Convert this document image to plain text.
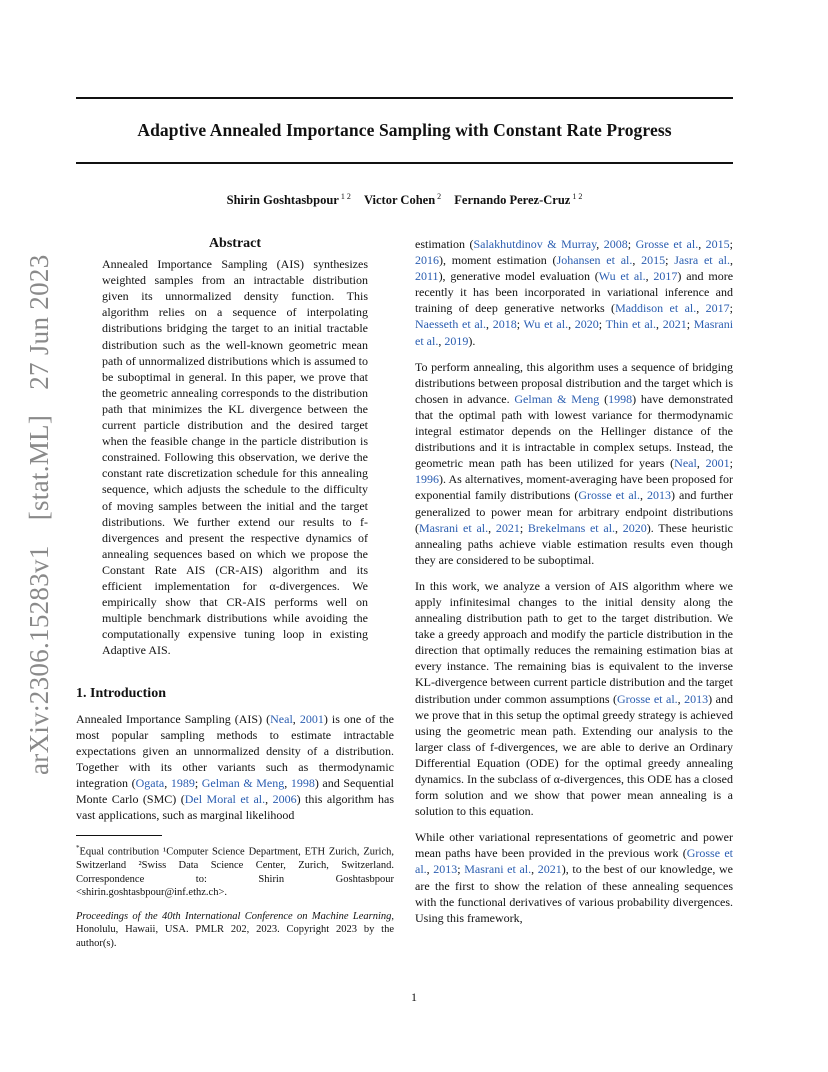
arXiv:2306.15283v1 [stat.ML] 27 Jun 2023
Adaptive Annealed Importance Sampling with Constant Rate Progress
Shirin Goshtasbpour $^{1 2}$ Victor Cohen $^2$ Fernando Perez-Cruz $^{1 2}$
Abstract
Annealed Importance Sampling (AIS) synthesizes weighted samples from an intractable distribution given its unnormalized density function. This algorithm relies on a sequence of interpolating distributions bridging the target to an initial tractable distribution such as the well-known geometric mean path of unnormalized distributions which is assumed to be suboptimal in general. In this paper, we prove that the geometric annealing corresponds to the distribution path that minimizes the KL divergence between the current particle distribution and the desired target when the feasible change in the particle distribution is constrained. Following this observation, we derive the constant rate discretization schedule for this annealing sequence, which adjusts the schedule to the difficulty of moving samples between the initial and the target distributions. We further extend our results to f-divergences and present the respective dynamics of annealing sequences based on which we propose the Constant Rate AIS (CR-AIS) algorithm and its efficient implementation for α-divergences. We empirically show that CR-AIS performs well on multiple benchmark distributions while avoiding the computationally expensive tuning loop in existing Adaptive AIS.
1. Introduction

Annealed Importance Sampling (AIS) (Neal, 2001) is one of the most popular sampling methods to estimate intractable expectations given an unnormalized density of a distribution. Together with its other variants such as thermodynamic integration (Ogata, 1989; Gelman & Meng, 1998) and Sequential Monte Carlo (SMC) (Del Moral et al., 2006) this algorithm has vast applications, such as marginal likelihood

*Equal contribution ¹Computer Science Department, ETH Zurich, Zurich, Switzerland ²Swiss Data Science Center, Zurich, Switzerland. Correspondence to: Shirin Goshtasbpour <shirin.goshtasbpour@inf.ethz.ch>.

Proceedings of the 40th International Conference on Machine Learning, Honolulu, Hawaii, USA. PMLR 202, 2023. Copyright 2023 by the author(s).

estimation (Salakhutdinov & Murray, 2008; Grosse et al., 2015; 2016), moment estimation (Johansen et al., 2015; Jasra et al., 2011), generative model evaluation (Wu et al., 2017) and more recently it has been incorporated in variational inference and training of deep generative networks (Maddison et al., 2017; Naesseth et al., 2018; Wu et al., 2020; Thin et al., 2021; Masrani et al., 2019).

To perform annealing, this algorithm uses a sequence of bridging distributions between proposal distribution and the target which is chosen in advance. Gelman & Meng (1998) have demonstrated that the optimal path with lowest variance for thermodynamic integral estimator depends on the Hellinger distance of the distributions and it is intractable in complex setups. Instead, the geometric mean path has been utilized for years (Neal, 2001; 1996). As alternatives, moment-averaging have been proposed for exponential family distributions (Grosse et al., 2013) and further generalized to power mean for arbitrary endpoint distributions (Masrani et al., 2021; Brekelmans et al., 2020). These heuristic annealing paths achieve viable estimation results even though they are considered to be suboptimal.

In this work, we analyze a version of AIS algorithm where we apply infinitesimal changes to the initial density along the annealing distribution path to get to the target distribution. We take a greedy approach and modify the particle distribution in the direction that optimally reduces the remaining estimation bias at every instance. The remaining bias is equivalent to the inverse KL-divergence between current particle distribution and the target distribution under common assumptions (Grosse et al., 2013) and we prove that in this setup the optimal greedy strategy is achieved using the geometric mean path. Extending our analysis to the larger class of f-divergences, we are able to derive an Ordinary Differential Equation (ODE) for the optimal greedy annealing dynamics. In the subclass of α-divergences, this ODE has a closed form solution and we show that power mean annealing is a solution to this equation.

While other variational representations of geometric and power mean paths have been provided in the previous work (Grosse et al., 2013; Masrani et al., 2021), to the best of our knowledge, we are the first to show the relation of these annealing sequences with the functional derivatives of various probability divergences. Using this framework,

1
